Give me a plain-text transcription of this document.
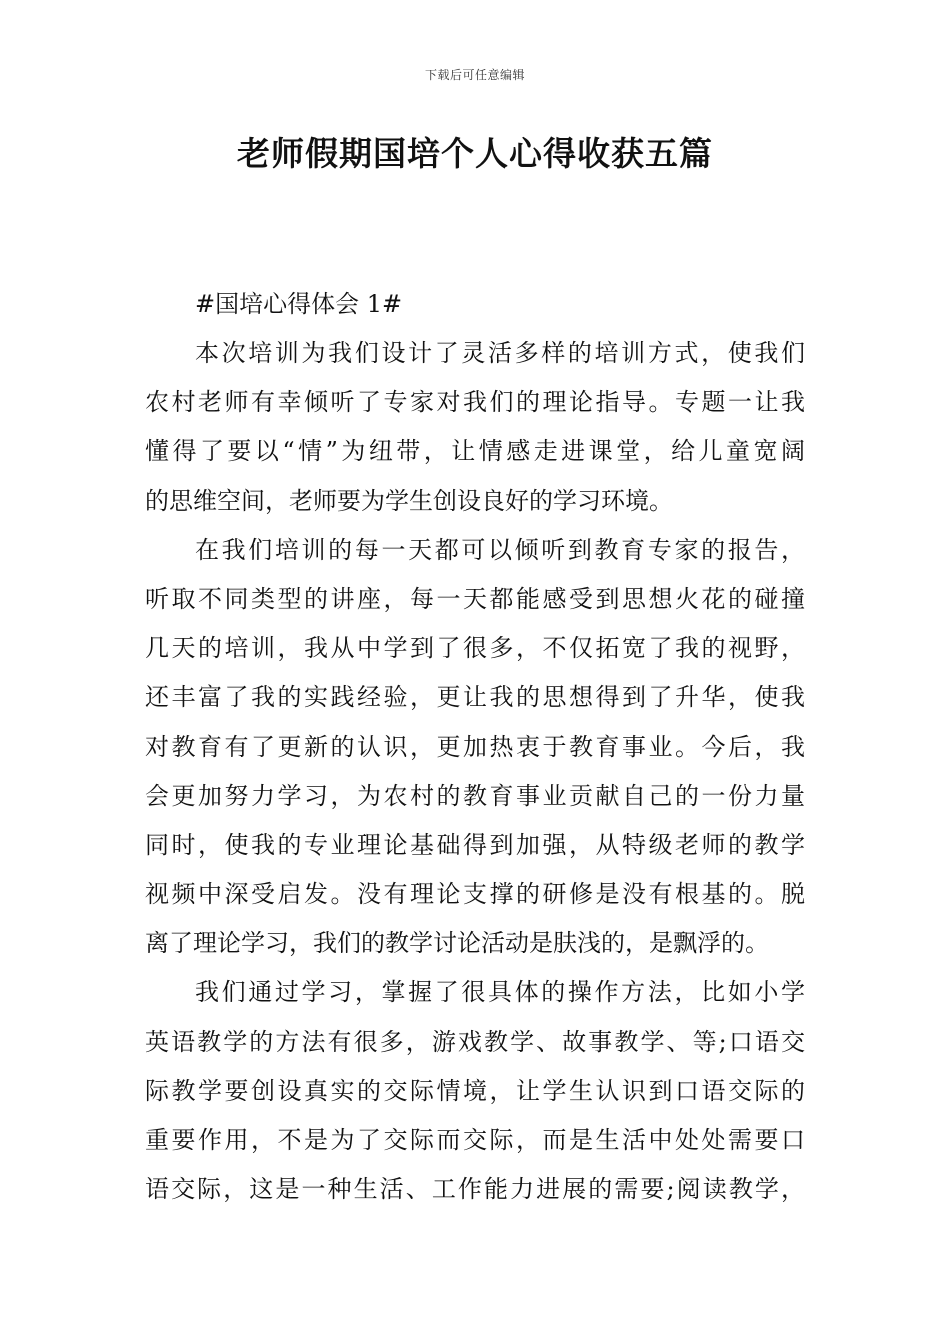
下载后可任意编辑
老师假期国培个人心得收获五篇

#国培心得体会 1#

本次培训为我们设计了灵活多样的培训方式，使我们
农村老师有幸倾听了专家对我们的理论指导。专题一让我
懂得了要以“情”为纽带，让情感走进课堂，给儿童宽阔
的思维空间，老师要为学生创设良好的学习环境。

在我们培训的每一天都可以倾听到教育专家的报告，
听取不同类型的讲座，每一天都能感受到思想火花的碰撞
几天的培训，我从中学到了很多，不仅拓宽了我的视野，
还丰富了我的实践经验，更让我的思想得到了升华，使我
对教育有了更新的认识，更加热衷于教育事业。今后，我
会更加努力学习，为农村的教育事业贡献自己的一份力量
同时，使我的专业理论基础得到加强，从特级老师的教学
视频中深受启发。没有理论支撑的研修是没有根基的。脱
离了理论学习，我们的教学讨论活动是肤浅的，是飘浮的。

我们通过学习，掌握了很具体的操作方法，比如小学
英语教学的方法有很多，游戏教学、故事教学、等;口语交
际教学要创设真实的交际情境，让学生认识到口语交际的
重要作用，不是为了交际而交际，而是生活中处处需要口
语交际，这是一种生活、工作能力进展的需要;阅读教学，
